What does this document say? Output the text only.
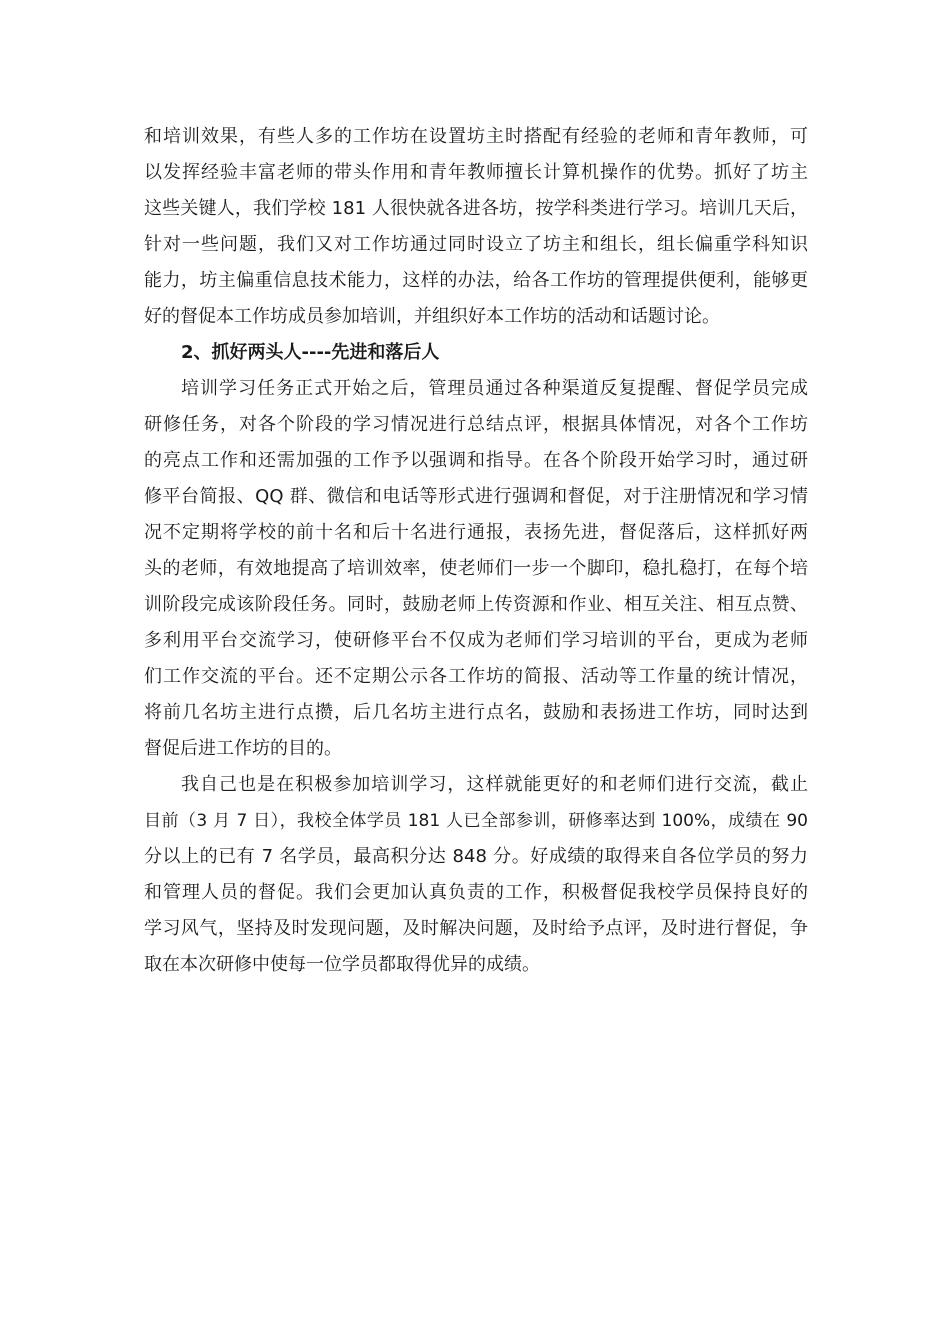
和培训效果，有些人多的工作坊在设置坊主时搭配有经验的老师和青年教师，可
以发挥经验丰富老师的带头作用和青年教师擅长计算机操作的优势。抓好了坊主
这些关键人，我们学校 181 人很快就各进各坊，按学科类进行学习。培训几天后，
针对一些问题，我们又对工作坊通过同时设立了坊主和组长，组长偏重学科知识
能力，坊主偏重信息技术能力，这样的办法，给各工作坊的管理提供便利，能够更
好的督促本工作坊成员参加培训，并组织好本工作坊的活动和话题讨论。
2、抓好两头人----先进和落后人
培训学习任务正式开始之后，管理员通过各种渠道反复提醒、督促学员完成
研修任务，对各个阶段的学习情况进行总结点评，根据具体情况，对各个工作坊
的亮点工作和还需加强的工作予以强调和指导。在各个阶段开始学习时，通过研
修平台简报、QQ 群、微信和电话等形式进行强调和督促，对于注册情况和学习情
况不定期将学校的前十名和后十名进行通报，表扬先进，督促落后，这样抓好两
头的老师，有效地提高了培训效率，使老师们一步一个脚印，稳扎稳打，在每个培
训阶段完成该阶段任务。同时，鼓励老师上传资源和作业、相互关注、相互点赞、
多利用平台交流学习，使研修平台不仅成为老师们学习培训的平台，更成为老师
们工作交流的平台。还不定期公示各工作坊的简报、活动等工作量的统计情况，
将前几名坊主进行点攒，后几名坊主进行点名，鼓励和表扬进工作坊，同时达到
督促后进工作坊的目的。
我自己也是在积极参加培训学习，这样就能更好的和老师们进行交流，截止
目前（3 月 7 日），我校全体学员 181 人已全部参训，研修率达到 100%，成绩在 90
分以上的已有 7 名学员，最高积分达 848 分。好成绩的取得来自各位学员的努力
和管理人员的督促。我们会更加认真负责的工作，积极督促我校学员保持良好的
学习风气，坚持及时发现问题，及时解决问题，及时给予点评，及时进行督促，争
取在本次研修中使每一位学员都取得优异的成绩。
